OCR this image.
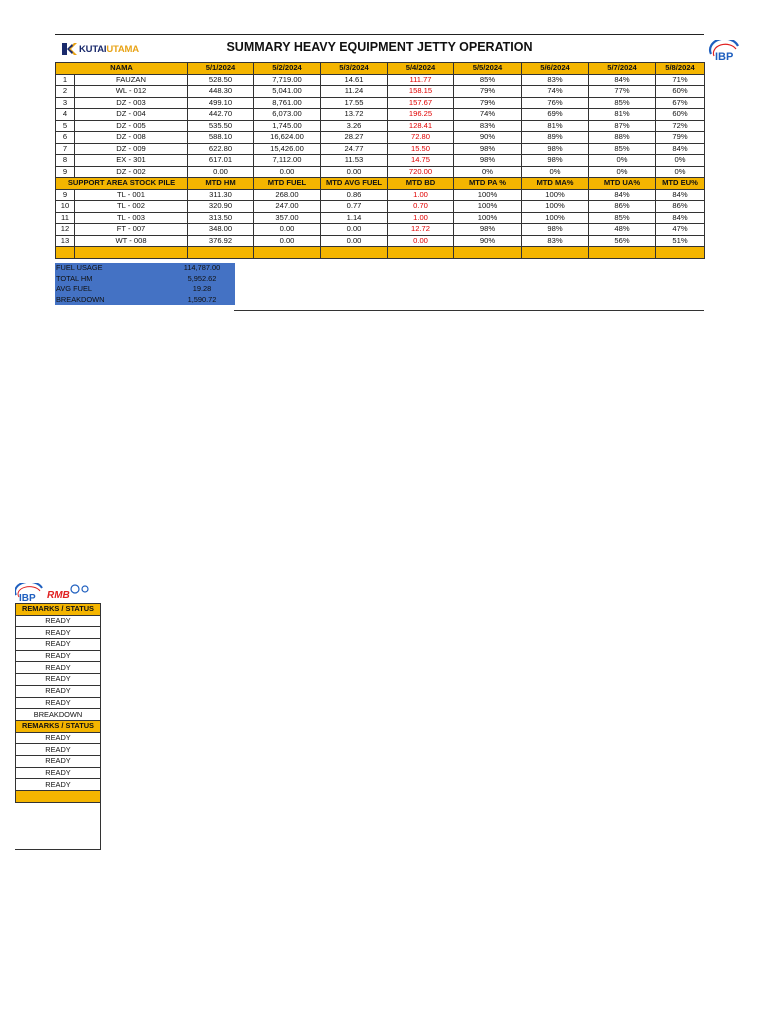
KUTAIUTAMA	SUMMARY HEAVY EQUIPMENT JETTY OPERATION
IBP
NAMA		5/1/2024	5/2/2024	5/3/2024	5/4/2024	5/5/2024	5/6/2024	5/7/2024	5/8/2024
1	FAUZAN	528.50	7,719.00	14.61	111.77	85%	83%	84%	71%
2	WL - 012	448.30	5,041.00	11.24	158.15	79%	74%	77%	60%
3	DZ - 003	499.10	8,761.00	17.55	157.67	79%	76%	85%	67%
4	DZ - 004	442.70	6,073.00	13.72	196.25	74%	69%	81%	60%
5	DZ - 005	535.50	1,745.00	3.26	128.41	83%	81%	87%	72%
6	DZ - 008	588.10	16,624.00	28.27	72.80	90%	89%	88%	79%
7	DZ - 009	622.80	15,426.00	24.77	15.50	98%	98%	85%	84%
8	EX - 301	617.01	7,112.00	11.53	14.75	98%	98%	0%	0%
9	DZ - 002	0.00	0.00	0.00	720.00	0%	0%	0%	0%
SUPPORT AREA STOCK PILE		MTD HM	MTD FUEL	MTD AVG FUEL	MTD BD	MTD PA %	MTD MA%	MTD UA%	MTD EU%
9	TL - 001	311.30	268.00	0.86	1.00	100%	100%	84%	84%
10	TL - 002	320.90	247.00	0.77	0.70	100%	100%	86%	86%
11	TL - 003	313.50	357.00	1.14	1.00	100%	100%	85%	84%
12	FT - 007	348.00	0.00	0.00	12.72	98%	98%	48%	47%
13	WT - 008	376.92	0.00	0.00	0.00	90%	83%	56%	51%

FUEL USAGE	114,787.00
TOTAL HM	5,952.62
AVG FUEL	19.28
BREAKDOWN	1,590.72
IBP RMB
REMARKS / STATUS
READY
READY
READY
READY
READY
READY
READY
READY
BREAKDOWN
REMARKS / STATUS
READY
READY
READY
READY
READY
